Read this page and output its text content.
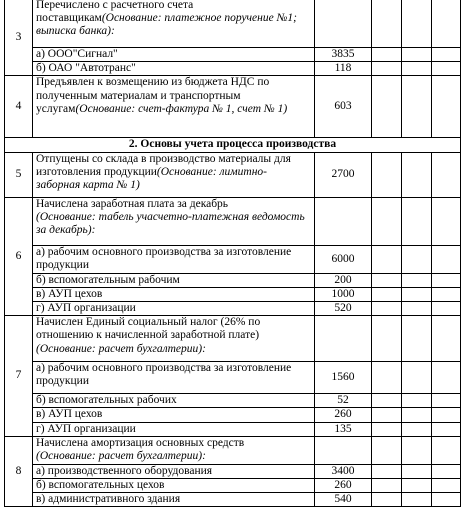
3	Перечислено с расчетного счета поставщикам(Основание: платежное поручение №1; выписка банка):				
	а) ООО"Сигнал"	3835			
	б) ОАО "Автотранс"	118			
4	Предъявлен к возмещению из бюджета НДС по полученным материалам и транспортным услугам(Основание: счет-фактура № 1, счет № 1)	603			
2. Основы учета процесса производства					
5	Отпущены со склада в производство материалы для изготовления продукции(Основание: лимитно-заборная карта № 1)	2700			
6	Начислена заработная плата за декабрь
(Основание: табель учасчетно-платежная ведомость за декабрь):				
	а) рабочим основного производства за изготовление продукции	6000			
	б) вспомогательным рабочим	200			
	в) АУП цехов	1000			
	г) АУП организации	520			
7	Начислен Единый социальный налог (26% по отношению к начисленной заработной плате)
(Основание: расчет бухгалтерии):				
	а) рабочим основного производства за изготовление продукции	1560			
	б) вспомогательных рабочих	52			
	в) АУП цехов	260			
	г) АУП организации	135			
8	Начислена амортизация основных средств
(Основание: расчет бухгалтерии):				
	а) производственного оборудования	3400			
	б) вспомогательных цехов	260			
	в) административного здания	540			
